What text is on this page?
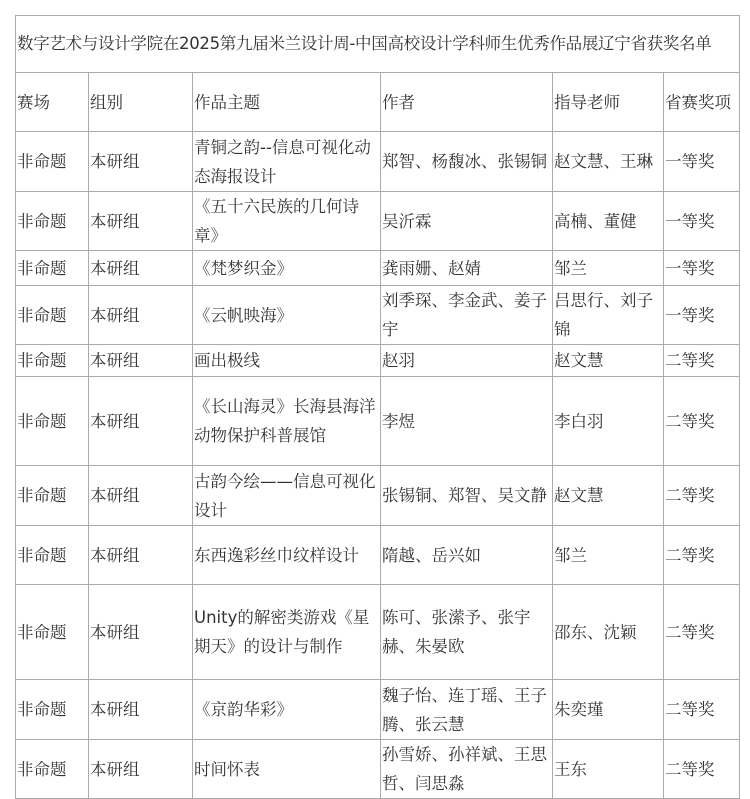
数字艺术与设计学院在2025第九届米兰设计周-中国高校设计学科师生优秀作品展辽宁省获奖名单					
赛场	组别	作品主题	作者	指导老师	省赛奖项
非命题	本研组	青铜之韵--信息可视化动态海报设计	郑智、杨馥冰、张锡铜	赵文慧、王琳	一等奖
非命题	本研组	《五十六民族的几何诗章》	吴沂霖	高楠、董健	一等奖
非命题	本研组	《梵梦织金》	龚雨姗、赵婧	邹兰	一等奖
非命题	本研组	《云帆映海》	刘季琛、李金武、姜子宇	吕思行、刘子锦	一等奖
非命题	本研组	画出极线	赵羽	赵文慧	二等奖
非命题	本研组	《长山海灵》长海县海洋动物保护科普展馆	李煜	李白羽	二等奖
非命题	本研组	古韵今绘——信息可视化设计	张锡铜、郑智、吴文静	赵文慧	二等奖
非命题	本研组	东西逸彩丝巾纹样设计	隋越、岳兴如	邹兰	二等奖
非命题	本研组	Unity的解密类游戏《星期天》的设计与制作	陈可、张潆予、张宇赫、朱晏欧	邵东、沈颖	二等奖
非命题	本研组	《京韵华彩》	魏子怡、连丁瑶、王子腾、张云慧	朱奕瑾	二等奖
非命题	本研组	时间怀表	孙雪娇、孙祥斌、王思哲、闫思淼	王东	二等奖
